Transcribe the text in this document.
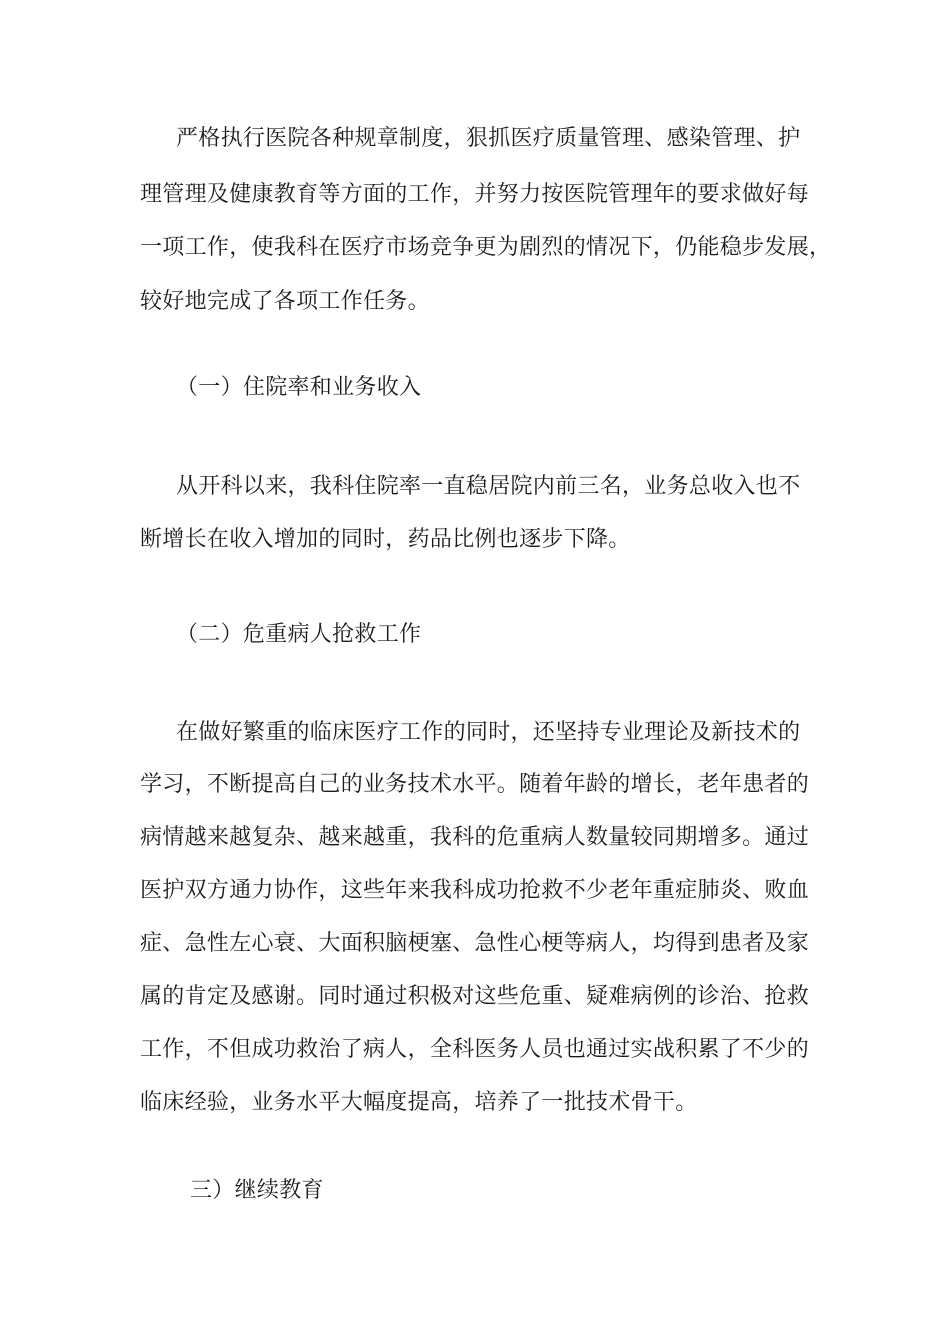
严格执行医院各种规章制度，狠抓医疗质量管理、感染管理、护

理管理及健康教育等方面的工作，并努力按医院管理年的要求做好每

一项工作，使我科在医疗市场竞争更为剧烈的情况下，仍能稳步发展，

较好地完成了各项工作任务。

（一）住院率和业务收入

从开科以来，我科住院率一直稳居院内前三名，业务总收入也不

断增长在收入增加的同时，药品比例也逐步下降。

（二）危重病人抢救工作

在做好繁重的临床医疗工作的同时，还坚持专业理论及新技术的

学习，不断提高自己的业务技术水平。随着年龄的增长，老年患者的

病情越来越复杂、越来越重，我科的危重病人数量较同期增多。通过

医护双方通力协作，这些年来我科成功抢救不少老年重症肺炎、败血

症、急性左心衰、大面积脑梗塞、急性心梗等病人，均得到患者及家

属的肯定及感谢。同时通过积极对这些危重、疑难病例的诊治、抢救

工作，不但成功救治了病人，全科医务人员也通过实战积累了不少的

临床经验，业务水平大幅度提高，培养了一批技术骨干。

三）继续教育
